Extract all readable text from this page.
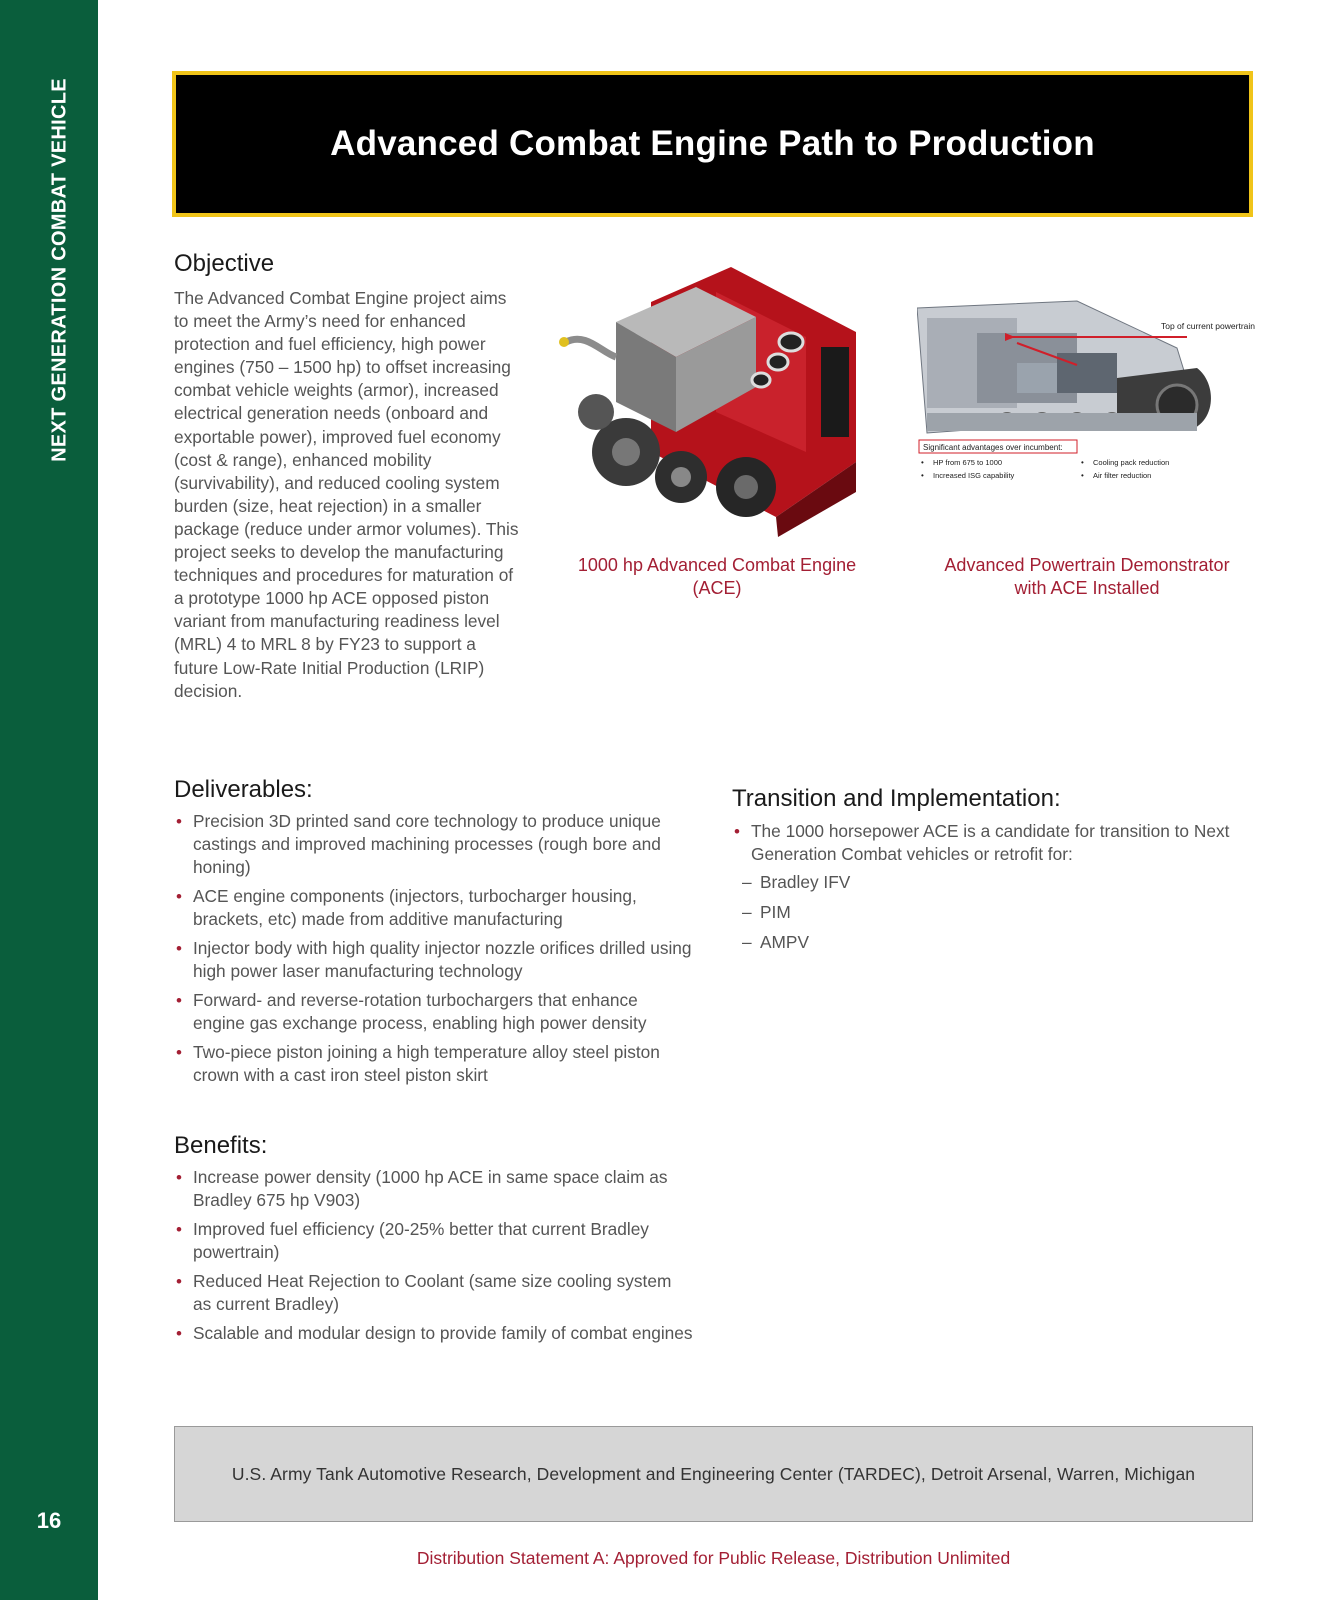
NEXT GENERATION COMBAT VEHICLE
16
Advanced Combat Engine Path to Production
Objective

The Advanced Combat Engine project aims to meet the Army’s need for enhanced protection and fuel efficiency, high power engines (750 – 1500 hp) to offset increasing combat vehicle weights (armor), increased electrical generation needs (onboard and exportable power), improved fuel economy (cost & range), enhanced mobility (survivability), and reduced cooling system burden (size, heat rejection) in a smaller package (reduce under armor volumes). This project seeks to develop the manufacturing techniques and procedures for maturation of a prototype 1000 hp ACE opposed piston variant from manufacturing readiness level (MRL) 4 to MRL 8 by FY23 to support a future Low-Rate Initial Production (LRIP) decision.

1000 hp Advanced Combat Engine
(ACE)
Top of current powertrain
Significant advantages over incumbent:
• HP from 675 to 1000
• Increased ISG capability
• Cooling pack reduction
• Air filter reduction
Advanced Powertrain Demonstrator
with ACE Installed
Deliverables:
• Precision 3D printed sand core technology to produce unique castings and improved machining processes (rough bore and honing)
• ACE engine components (injectors, turbocharger housing, brackets, etc) made from additive manufacturing
• Injector body with high quality injector nozzle orifices drilled using high power laser manufacturing technology
• Forward- and reverse-rotation turbochargers that enhance engine gas exchange process, enabling high power density
• Two-piece piston joining a high temperature alloy steel piston crown with a cast iron steel piston skirt
Benefits:
• Increase power density (1000 hp ACE in same space claim as Bradley 675 hp V903)
• Improved fuel efficiency (20-25% better that current Bradley powertrain)
• Reduced Heat Rejection to Coolant (same size cooling system as current Bradley)
• Scalable and modular design to provide family of combat engines
Transition and Implementation:
• The 1000 horsepower ACE is a candidate for transition to Next Generation Combat vehicles or retrofit for:
– Bradley IFV
– PIM
– AMPV
U.S. Army Tank Automotive Research, Development and Engineering Center (TARDEC), Detroit Arsenal, Warren, Michigan
Distribution Statement A: Approved for Public Release, Distribution Unlimited
